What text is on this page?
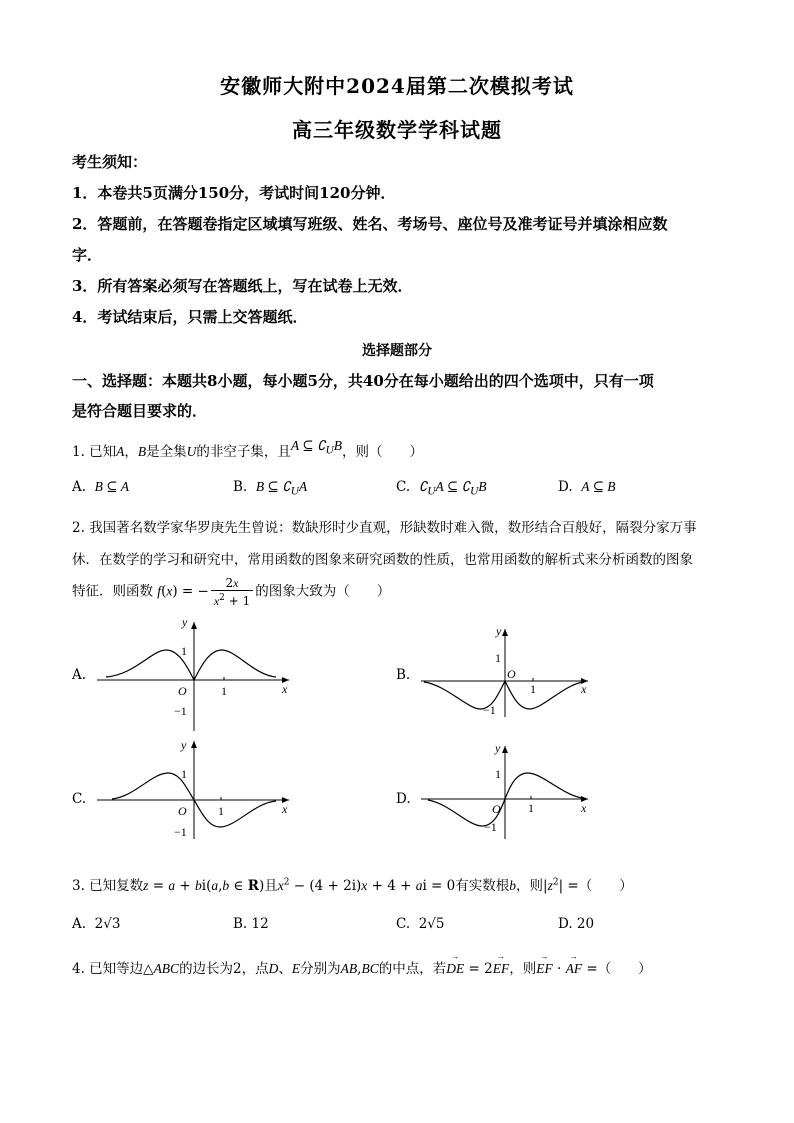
安徽师大附中2024届第二次模拟考试
高三年级数学学科试题
考生须知：
1．本卷共5页满分150分，考试时间120分钟．
2．答题前，在答题卷指定区域填写班级、姓名、考场号、座位号及准考证号并填涂相应数
字．
3．所有答案必须写在答题纸上，写在试卷上无效．
4．考试结束后，只需上交答题纸．
选择题部分
一、选择题：本题共8小题，每小题5分，共40分在每小题给出的四个选项中，只有一项
是符合题目要求的．
1. 已知A，B是全集U的非空子集，且A ⊆ $∁_UB$，则（　　）
A. B ⊆ A	B. B ⊆ $∁_UA$	C. $∁_UA$ ⊆ $∁_UB$	D. A ⊆ B
2. 我国著名数学家华罗庚先生曾说：数缺形时少直观，形缺数时难入微，数形结合百般好，隔裂分家万事
休．在数学的学习和研究中，常用函数的图象来研究函数的性质，也常用函数的解析式来分析函数的图象
特征．则函数 f(x) = − $\frac{2x}{x^2 + 1}$ 的图象大致为（　　）
A.
y
x
O
1
1
−1
B.
y
x
O
1
1
−1
C.
y
x
O
1
1
−1
D.
y
x
O
1
1
−1
3. 已知复数z = a + bi(a,b ∈ R)且$x^2 - (4 + 2i)x + 4$ + ai = 0有实数根b，则$|z^2|$ =（　　）
A.  2√3	B. 12	C.  2√5	D. 20
4. 已知等边△ABC的边长为2，点D、E分别为AB,BC的中点，若→ DE = 2→ EF，则→ EF · → AF =（　　）
